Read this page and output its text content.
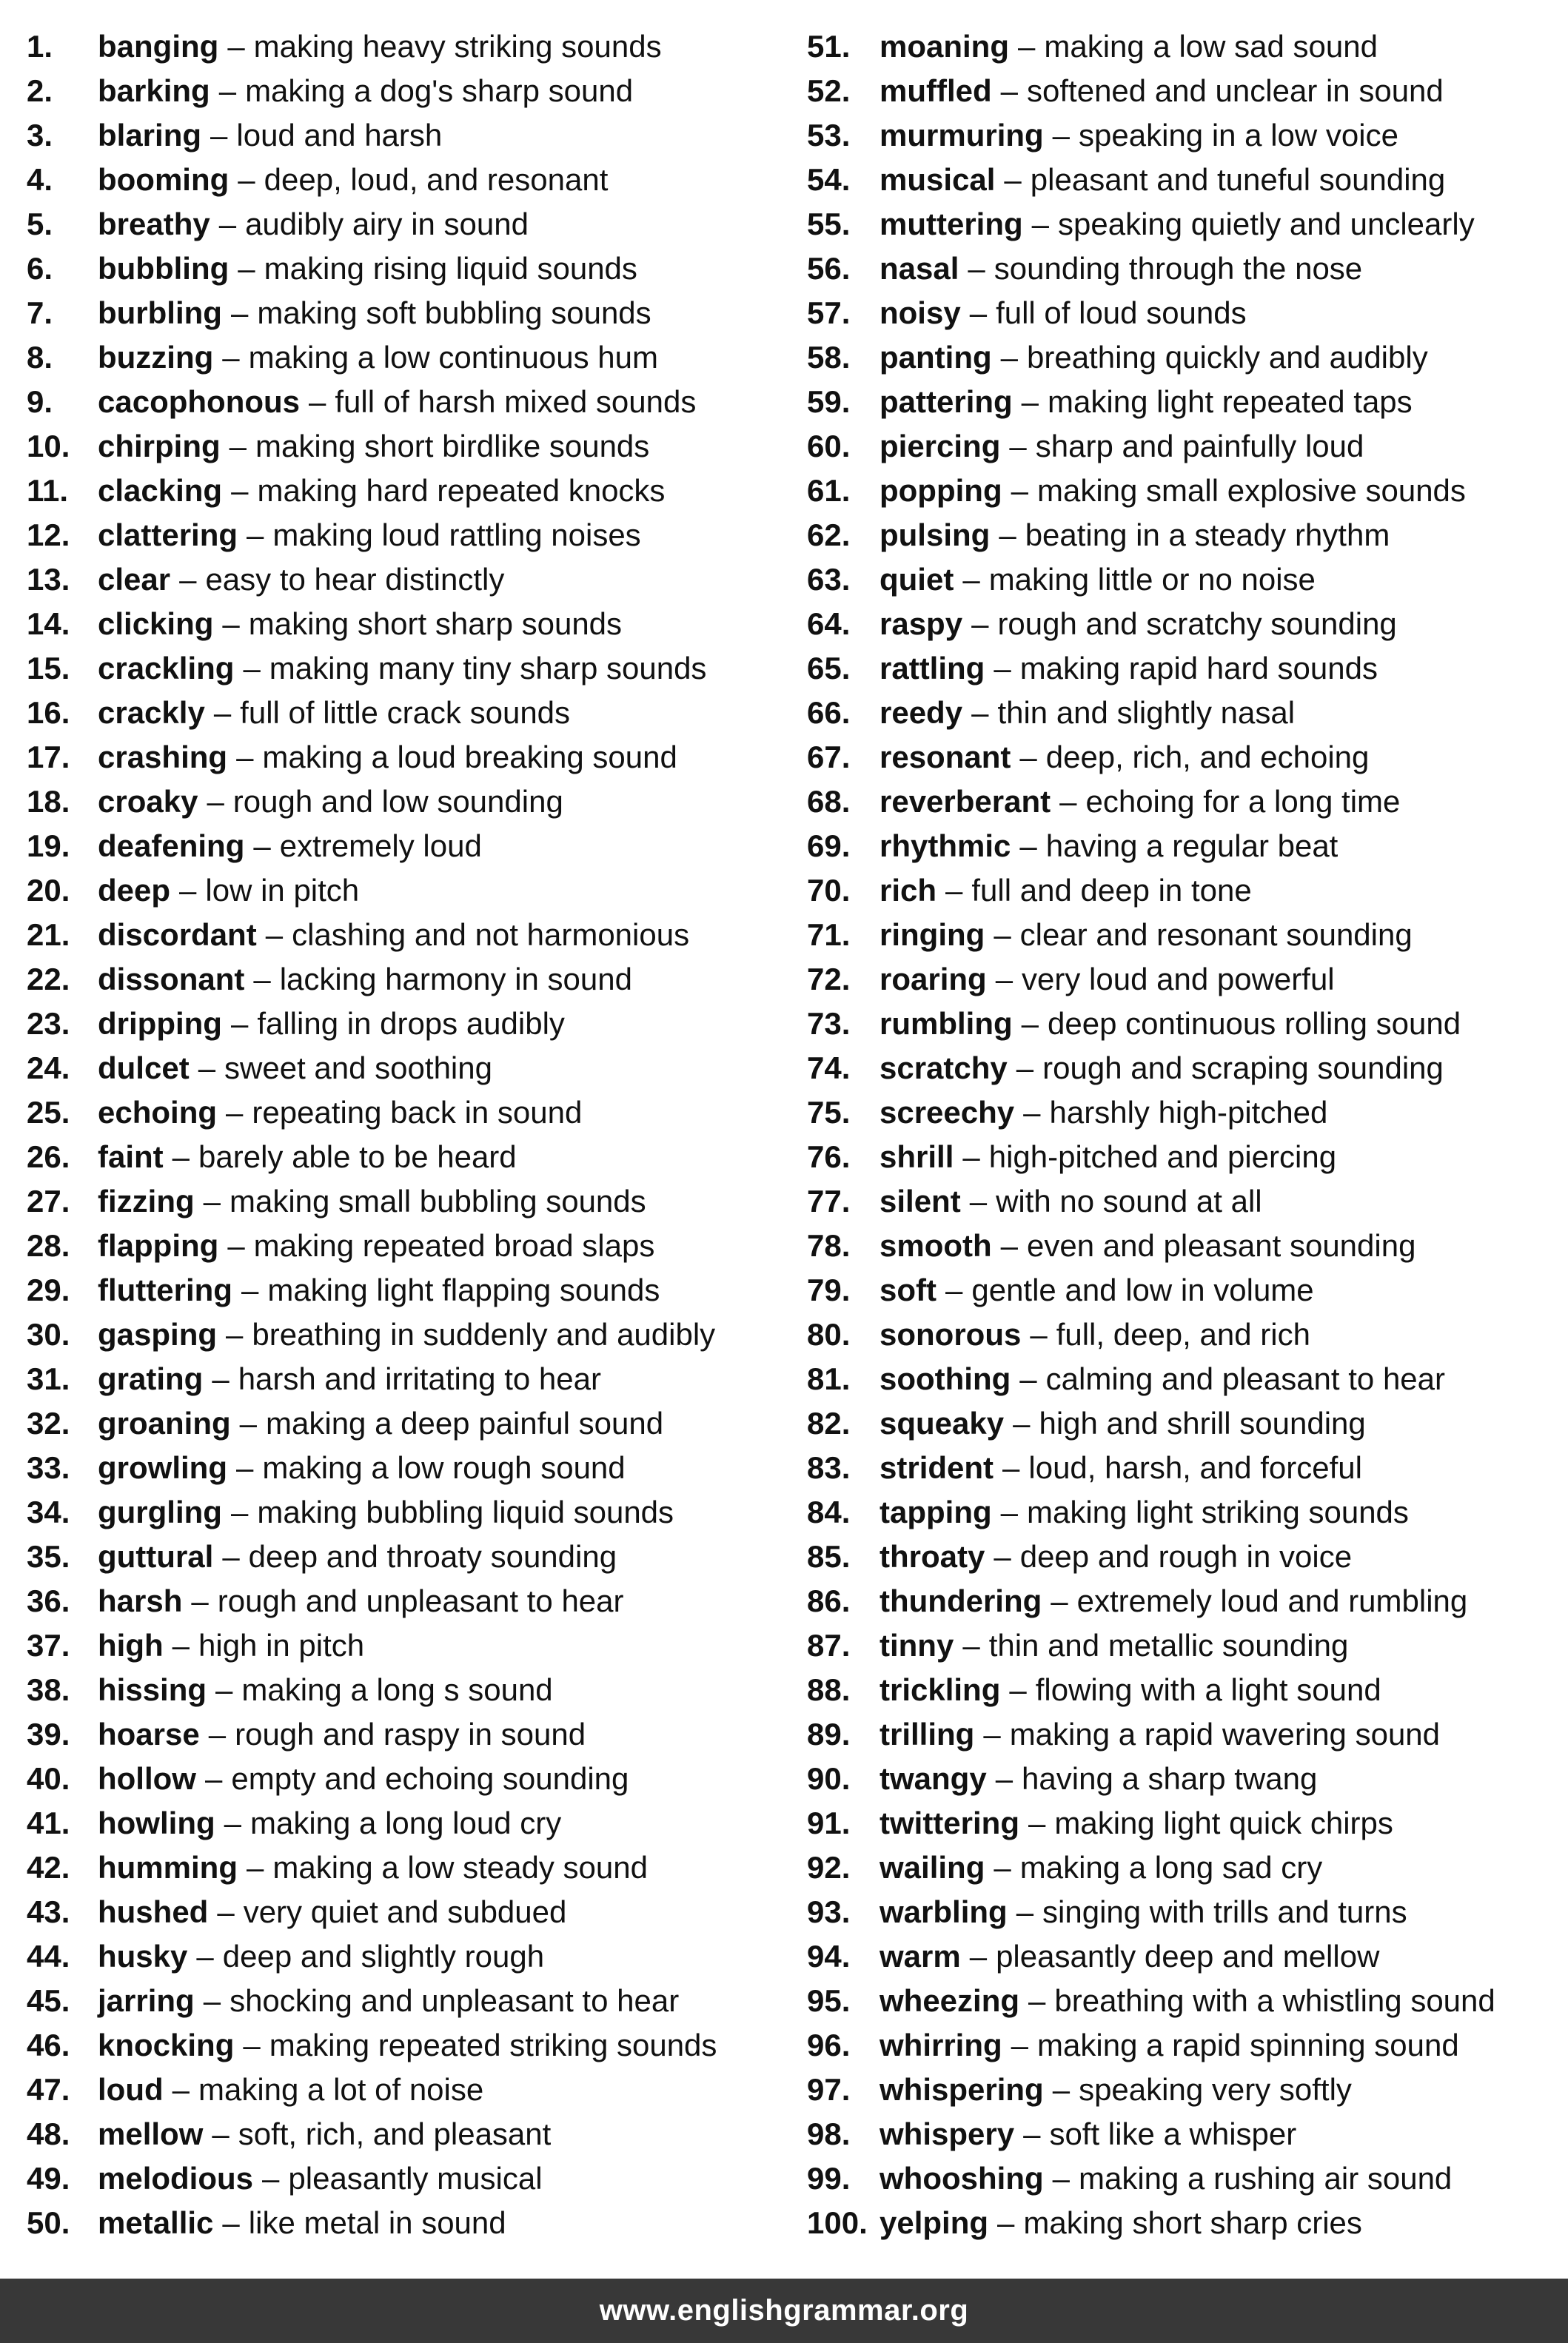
1.	banging – making heavy striking sounds
2.	barking – making a dog's sharp sound
3.	blaring – loud and harsh
4.	booming – deep, loud, and resonant
5.	breathy – audibly airy in sound
6.	bubbling – making rising liquid sounds
7.	burbling – making soft bubbling sounds
8.	buzzing – making a low continuous hum
9.	cacophonous – full of harsh mixed sounds
10. chirping – making short birdlike sounds
11. clacking – making hard repeated knocks
12. clattering – making loud rattling noises
13. clear – easy to hear distinctly
14. clicking – making short sharp sounds
15. crackling – making many tiny sharp sounds
16. crackly – full of little crack sounds
17. crashing – making a loud breaking sound
18. croaky – rough and low sounding
19. deafening – extremely loud
20. deep – low in pitch
21. discordant – clashing and not harmonious
22. dissonant – lacking harmony in sound
23. dripping – falling in drops audibly
24. dulcet – sweet and soothing
25. echoing – repeating back in sound
26. faint – barely able to be heard
27. fizzing – making small bubbling sounds
28. flapping – making repeated broad slaps
29. fluttering – making light flapping sounds
30. gasping – breathing in suddenly and audibly
31. grating – harsh and irritating to hear
32. groaning – making a deep painful sound
33. growling – making a low rough sound
34. gurgling – making bubbling liquid sounds
35. guttural – deep and throaty sounding
36. harsh – rough and unpleasant to hear
37. high – high in pitch
38. hissing – making a long s sound
39. hoarse – rough and raspy in sound
40. hollow – empty and echoing sounding
41. howling – making a long loud cry
42. humming – making a low steady sound
43. hushed – very quiet and subdued
44. husky – deep and slightly rough
45. jarring – shocking and unpleasant to hear
46. knocking – making repeated striking sounds
47. loud – making a lot of noise
48. mellow – soft, rich, and pleasant
49. melodious – pleasantly musical
50. metallic – like metal in sound
51. moaning – making a low sad sound
52. muffled – softened and unclear in sound
53. murmuring – speaking in a low voice
54. musical – pleasant and tuneful sounding
55. muttering – speaking quietly and unclearly
56. nasal – sounding through the nose
57. noisy – full of loud sounds
58. panting – breathing quickly and audibly
59. pattering – making light repeated taps
60. piercing – sharp and painfully loud
61. popping – making small explosive sounds
62. pulsing – beating in a steady rhythm
63. quiet – making little or no noise
64. raspy – rough and scratchy sounding
65. rattling – making rapid hard sounds
66. reedy – thin and slightly nasal
67. resonant – deep, rich, and echoing
68. reverberant – echoing for a long time
69. rhythmic – having a regular beat
70. rich – full and deep in tone
71. ringing – clear and resonant sounding
72. roaring – very loud and powerful
73. rumbling – deep continuous rolling sound
74. scratchy – rough and scraping sounding
75. screechy – harshly high-pitched
76. shrill – high-pitched and piercing
77. silent – with no sound at all
78. smooth – even and pleasant sounding
79. soft – gentle and low in volume
80. sonorous – full, deep, and rich
81. soothing – calming and pleasant to hear
82. squeaky – high and shrill sounding
83. strident – loud, harsh, and forceful
84. tapping – making light striking sounds
85. throaty – deep and rough in voice
86. thundering – extremely loud and rumbling
87. tinny – thin and metallic sounding
88. trickling – flowing with a light sound
89. trilling – making a rapid wavering sound
90. twangy – having a sharp twang
91. twittering – making light quick chirps
92. wailing – making a long sad cry
93. warbling – singing with trills and turns
94. warm – pleasantly deep and mellow
95. wheezing – breathing with a whistling sound
96. whirring – making a rapid spinning sound
97. whispering – speaking very softly
98. whispery – soft like a whisper
99. whooshing – making a rushing air sound
100. yelping – making short sharp cries
www.englishgrammar.org
